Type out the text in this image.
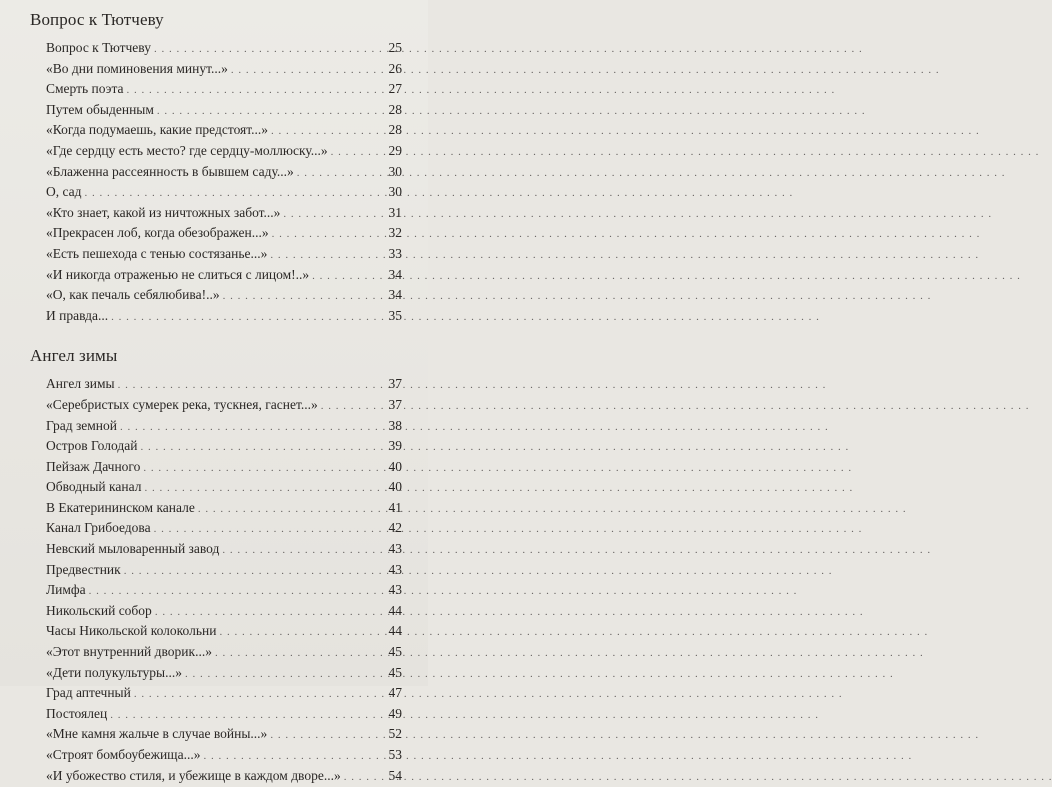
Вопрос к Тютчеву
Вопрос к Тютчеву . . .	25
«Во дни поминовения минут...» . . .	26
Смерть поэта . . .	27
Путем обыденным . . .	28
«Когда подумаешь, какие предстоят...» . . .	28
«Где сердцу есть место? где сердцу-моллюску...» . . .	29
«Блаженна рассеянность в бывшем саду...» . . .	30
О, сад . . .	30
«Кто знает, какой из ничтожных забот...» . . .	31
«Прекрасен лоб, когда обезображен...» . . .	32
«Есть пешехода с тенью состязанье...» . . .	33
«И никогда отраженью не слиться с лицом!..» . . .	34
«О, как печаль себялюбива!..» . . .	34
И правда... . . .	35
Ангел зимы
Ангел зимы . . .	37
«Серебристых сумерек река, тускнея, гаснет...» . . .	37
Град земной . . .	38
Остров Голодай . . .	39
Пейзаж Дачного . . .	40
Обводный канал . . .	40
В Екатерининском канале . . .	41
Канал Грибоедова . . .	42
Невский мыловаренный завод . . .	43
Предвестник . . .	43
Лимфа . . .	43
Никольский собор . . .	44
Часы Никольской колокольни . . .	44
«Этот внутренний дворик...» . . .	45
«Дети полукультуры...» . . .	45
Град аптечный . . .	47
Постоялец . . .	49
«Мне камня жальче в случае войны...» . . .	52
«Строят бомбоубежища...» . . .	53
«И убожество стиля, и убежище в каждом дворе...» . . .	54
